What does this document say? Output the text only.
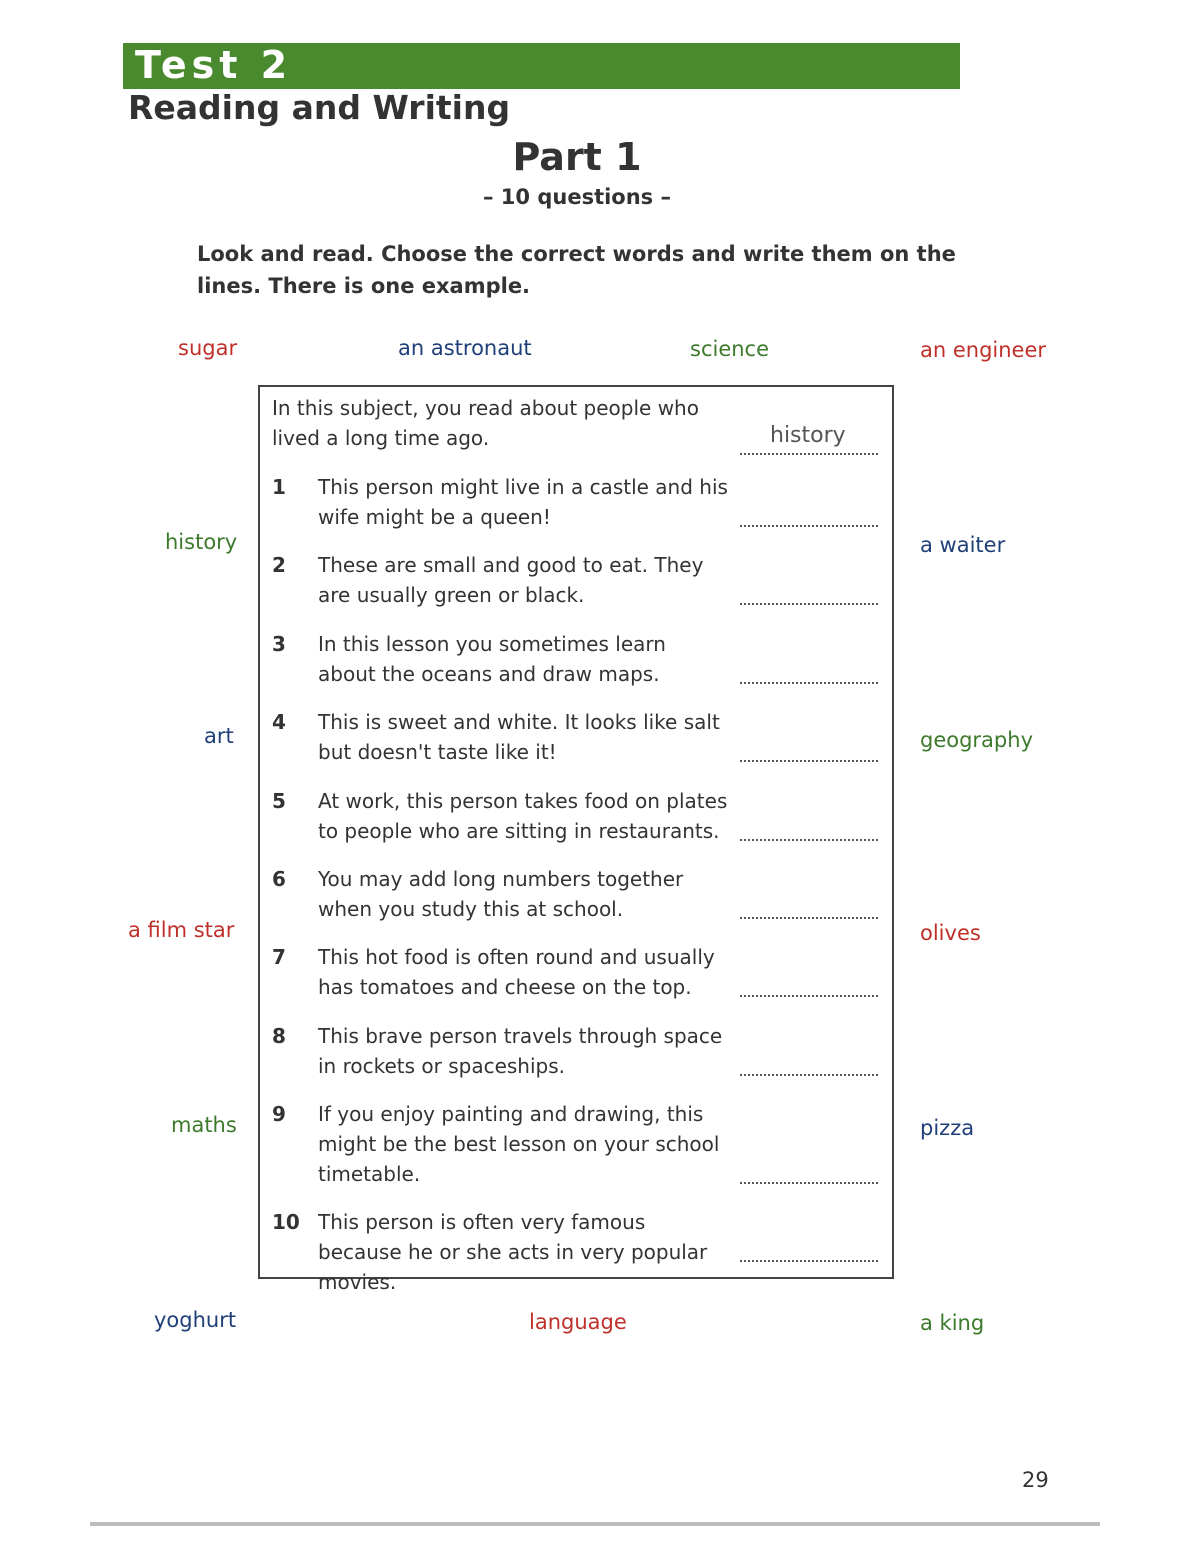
Test 2
Reading and Writing
Part 1
– 10 questions –
Look and read. Choose the correct words and write them on the lines. There is one example.
sugar	an astronaut	science	an engineer
history	a waiter
art	geography
a film star	olives
maths	pizza
yoghurt	language	a king
In this subject, you read about people who lived a long time ago.	history
1	This person might live in a castle and his wife might be a queen!
2	These are small and good to eat. They are usually green or black.
3	In this lesson you sometimes learn about the oceans and draw maps.
4	This is sweet and white. It looks like salt but doesn't taste like it!
5	At work, this person takes food on plates to people who are sitting in restaurants.
6	You may add long numbers together when you study this at school.
7	This hot food is often round and usually has tomatoes and cheese on the top.
8	This brave person travels through space in rockets or spaceships.
9	If you enjoy painting and drawing, this might be the best lesson on your school timetable.
10 This person is often very famous because he or she acts in very popular movies.
29
